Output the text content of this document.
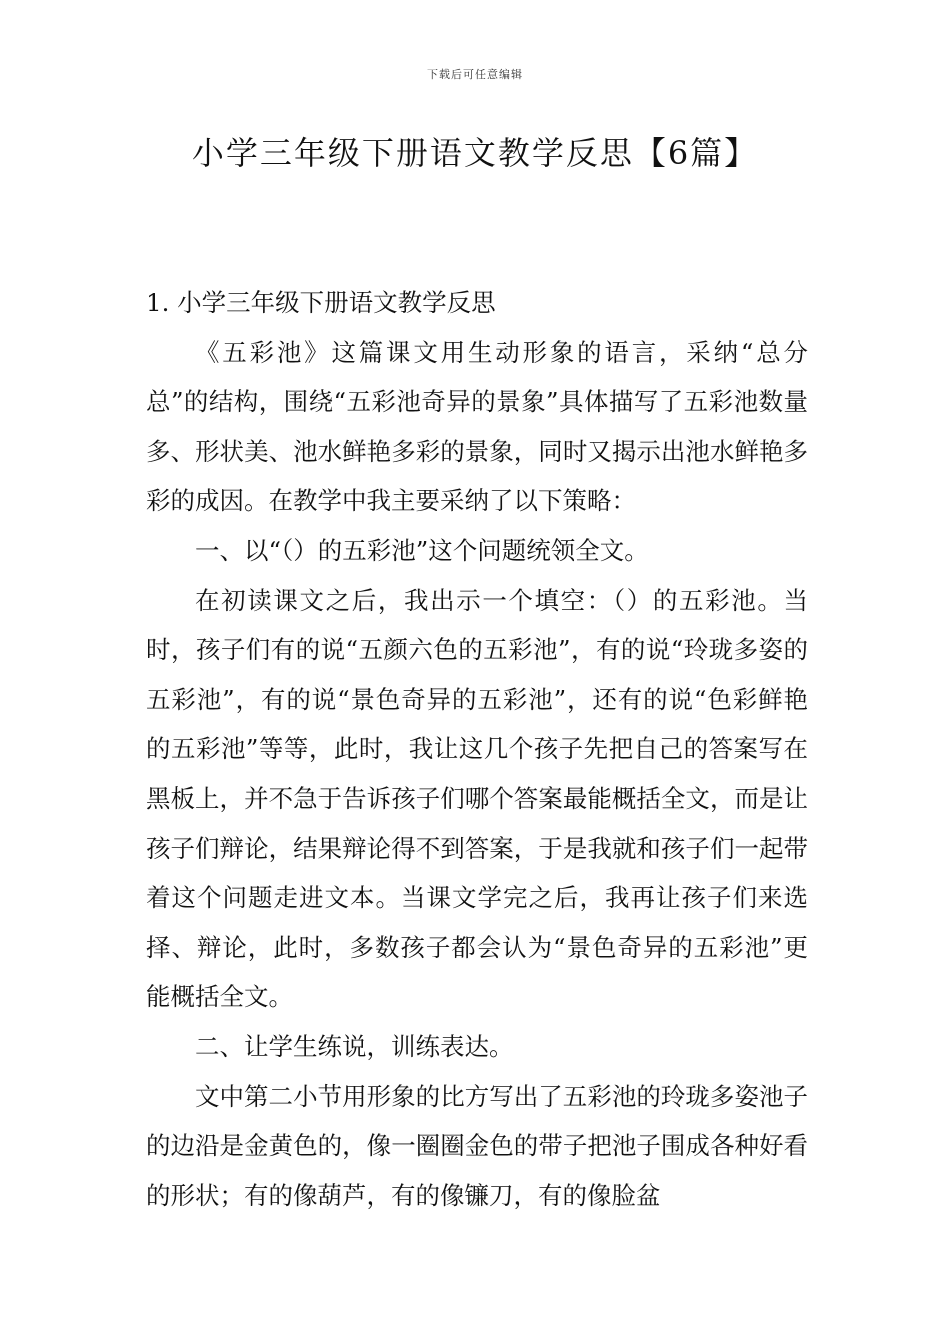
下载后可任意编辑
小学三年级下册语文教学反思【6篇】

1. 小学三年级下册语文教学反思

《五彩池》这篇课文用生动形象的语言，采纳“总分总”的结构，围绕“五彩池奇异的景象”具体描写了五彩池数量多、形状美、池水鲜艳多彩的景象，同时又揭示出池水鲜艳多彩的成因。在教学中我主要采纳了以下策略：

一、以“（）的五彩池”这个问题统领全文。

在初读课文之后，我出示一个填空：（）的五彩池。当时，孩子们有的说“五颜六色的五彩池”，有的说“玲珑多姿的五彩池”，有的说“景色奇异的五彩池”，还有的说“色彩鲜艳的五彩池”等等，此时，我让这几个孩子先把自己的答案写在黑板上，并不急于告诉孩子们哪个答案最能概括全文，而是让孩子们辩论，结果辩论得不到答案，于是我就和孩子们一起带着这个问题走进文本。当课文学完之后，我再让孩子们来选择、辩论，此时，多数孩子都会认为“景色奇异的五彩池”更能概括全文。

二、让学生练说，训练表达。

文中第二小节用形象的比方写出了五彩池的玲珑多姿池子的边沿是金黄色的，像一圈圈金色的带子把池子围成各种好看的形状；有的像葫芦，有的像镰刀，有的像脸盆
